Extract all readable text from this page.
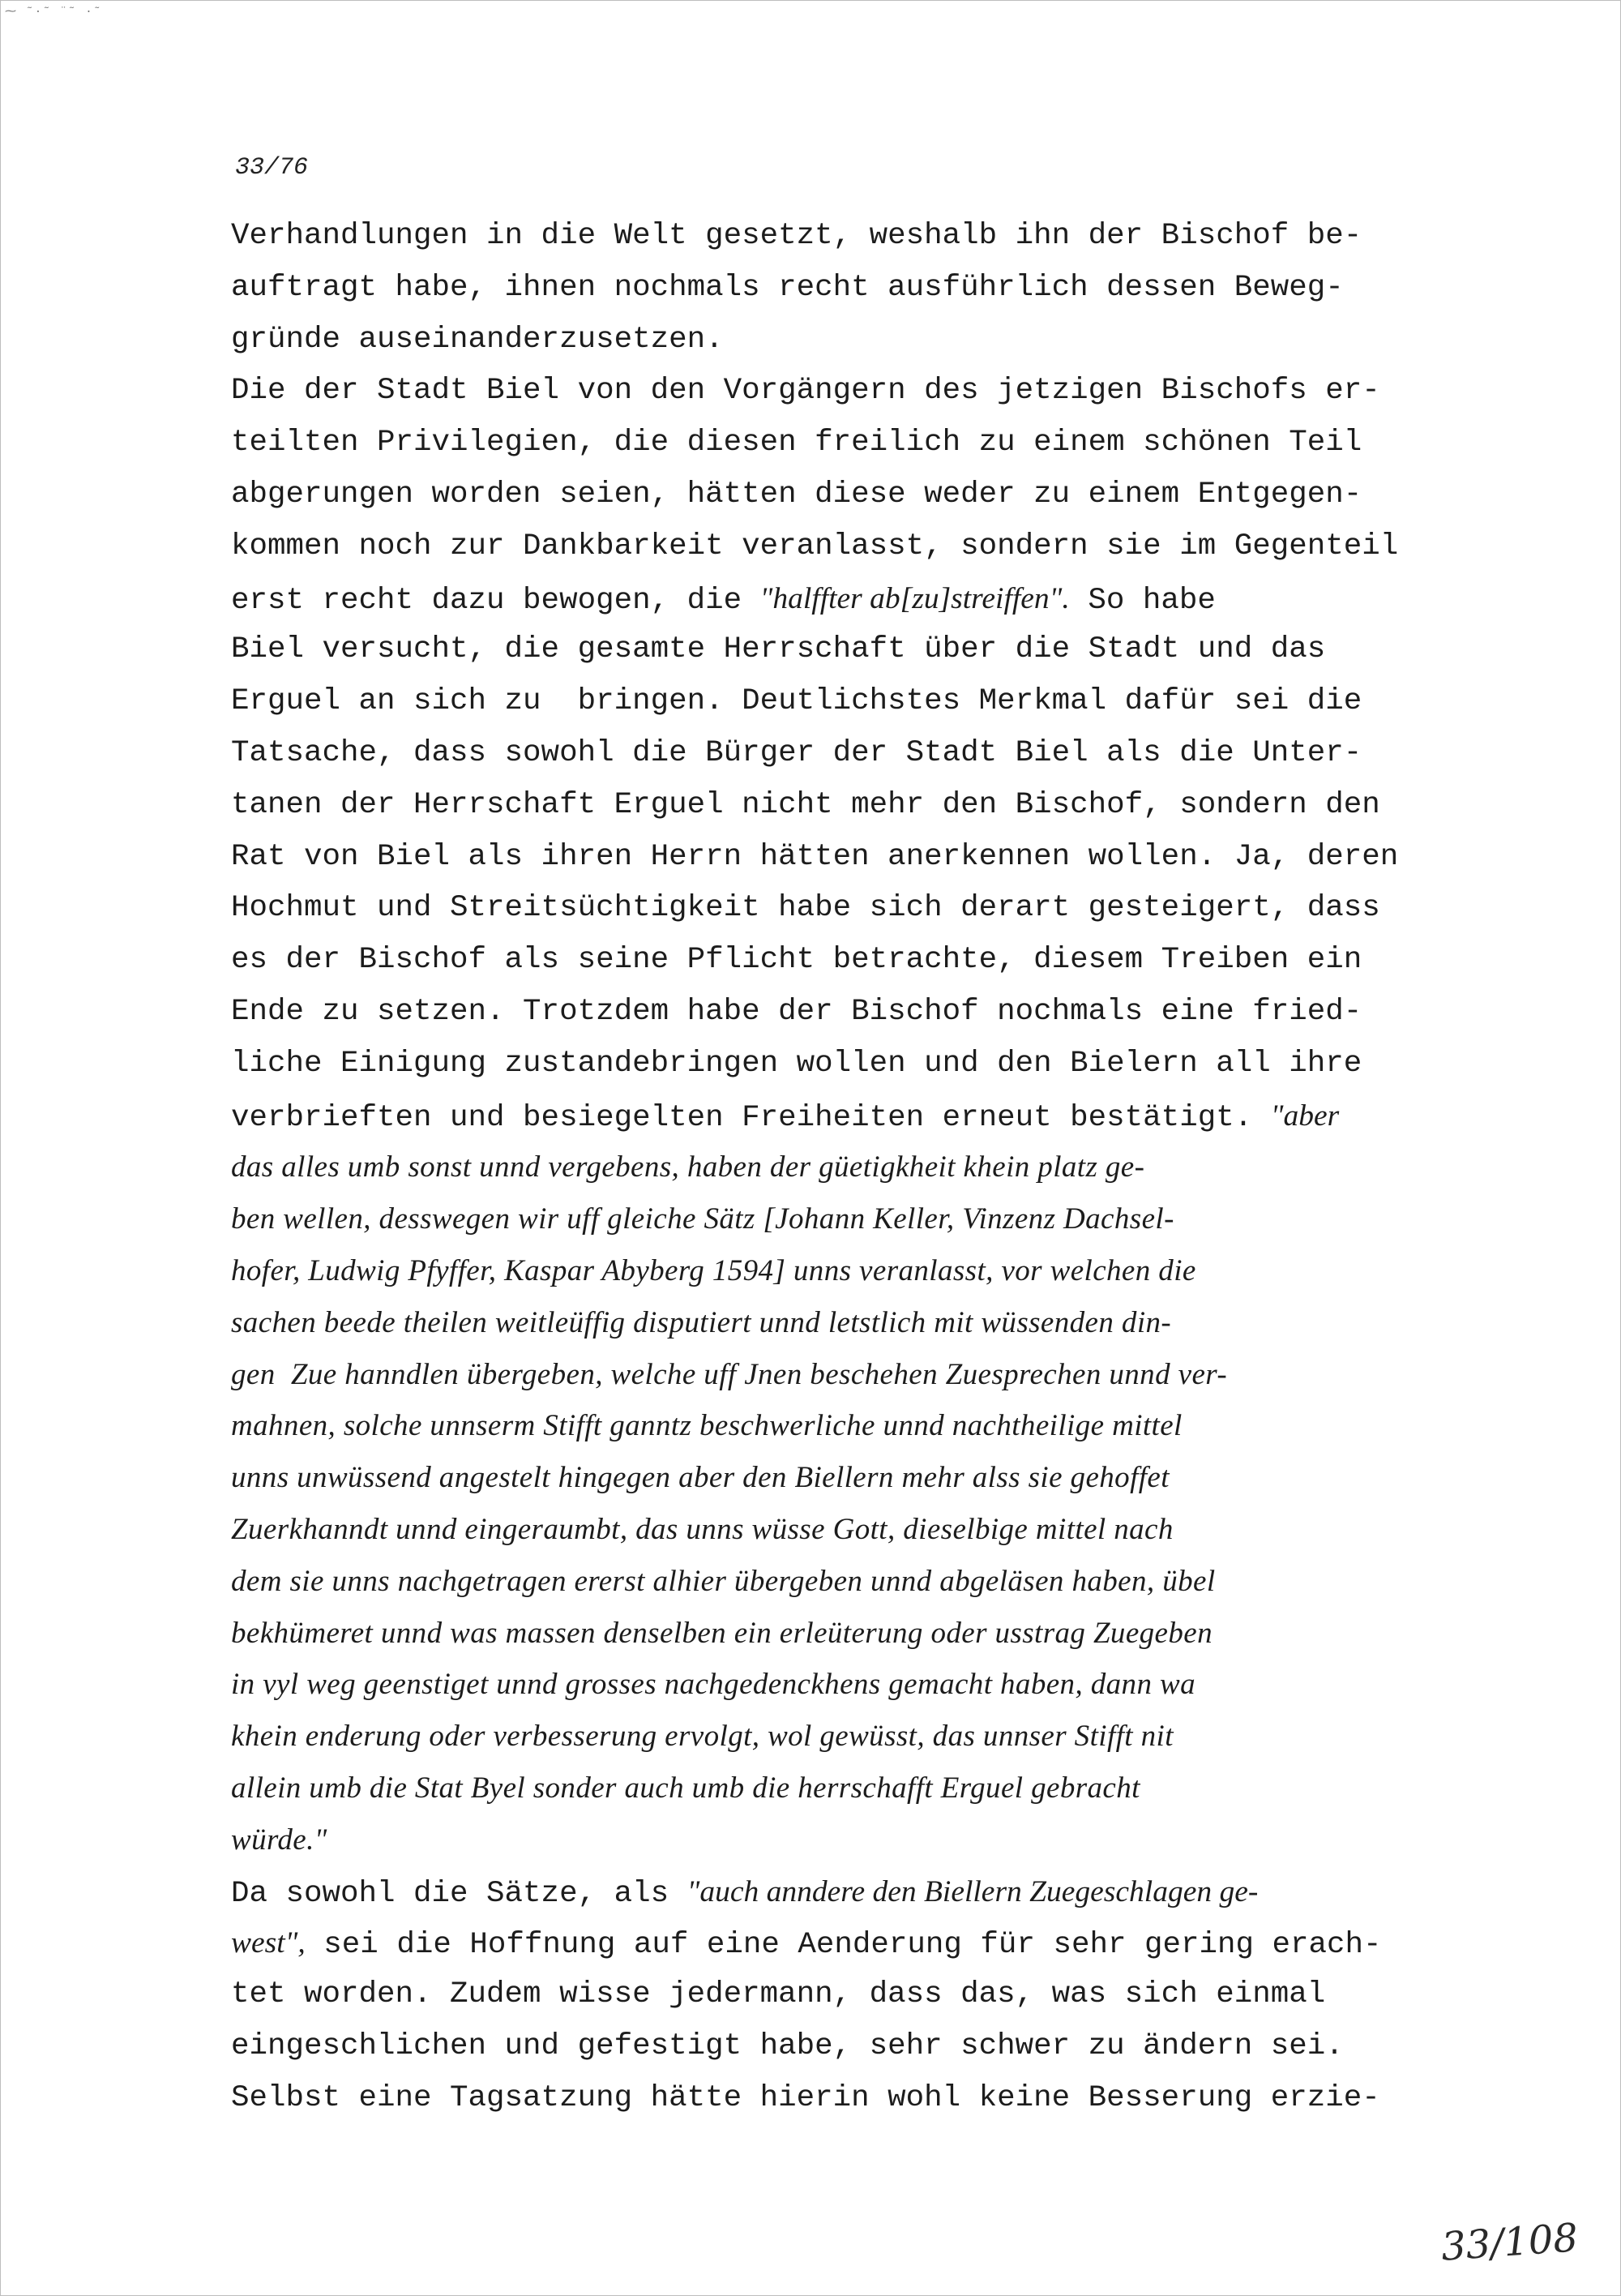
⁓ ˜·˜ ¨˜ ·˜
33/76
Verhandlungen in die Welt gesetzt, weshalb ihn der Bischof be-
auftragt habe, ihnen nochmals recht ausführlich dessen Beweg-
gründe auseinanderzusetzen.
Die der Stadt Biel von den Vorgängern des jetzigen Bischofs er-
teilten Privilegien, die diesen freilich zu einem schönen Teil
abgerungen worden seien, hätten diese weder zu einem Entgegen-
kommen noch zur Dankbarkeit veranlasst, sondern sie im Gegenteil
erst recht dazu bewogen, die "halffter ab[zu]streiffen". So habe
Biel versucht, die gesamte Herrschaft über die Stadt und das
Erguel an sich zu  bringen. Deutlichstes Merkmal dafür sei die
Tatsache, dass sowohl die Bürger der Stadt Biel als die Unter-
tanen der Herrschaft Erguel nicht mehr den Bischof, sondern den
Rat von Biel als ihren Herrn hätten anerkennen wollen. Ja, deren
Hochmut und Streitsüchtigkeit habe sich derart gesteigert, dass
es der Bischof als seine Pflicht betrachte, diesem Treiben ein
Ende zu setzen. Trotzdem habe der Bischof nochmals eine fried-
liche Einigung zustandebringen wollen und den Bielern all ihre
verbrieften und besiegelten Freiheiten erneut bestätigt. "aber
das alles umb sonst unnd vergebens, haben der güetigkheit khein platz ge-
ben wellen, desswegen wir uff gleiche Sätz [Johann Keller, Vinzenz Dachsel-
hofer, Ludwig Pfyffer, Kaspar Abyberg 1594] unns veranlasst, vor welchen die
sachen beede theilen weitleüffig disputiert unnd letstlich mit wüssenden din-
gen  Zue hanndlen übergeben, welche uff Jnen beschehen Zuesprechen unnd ver-
mahnen, solche unnserm Stifft ganntz beschwerliche unnd nachtheilige mittel
unns unwüssend angestelt hingegen aber den Biellern mehr alss sie gehoffet
Zuerkhanndt unnd eingeraumbt, das unns wüsse Gott, dieselbige mittel nach
dem sie unns nachgetragen ererst alhier übergeben unnd abgeläsen haben, übel
bekhümeret unnd was massen denselben ein erleüterung oder usstrag Zuegeben
in vyl weg geenstiget unnd grosses nachgedenckhens gemacht haben, dann wa
khein enderung oder verbesserung ervolgt, wol gewüsst, das unnser Stifft nit
allein umb die Stat Byel sonder auch umb die herrschafft Erguel gebracht
würde."
Da sowohl die Sätze, als "auch anndere den Biellern Zuegeschlagen ge-
west", sei die Hoffnung auf eine Aenderung für sehr gering erach-
tet worden. Zudem wisse jedermann, dass das, was sich einmal
eingeschlichen und gefestigt habe, sehr schwer zu ändern sei.
Selbst eine Tagsatzung hätte hierin wohl keine Besserung erzie-
33/108
